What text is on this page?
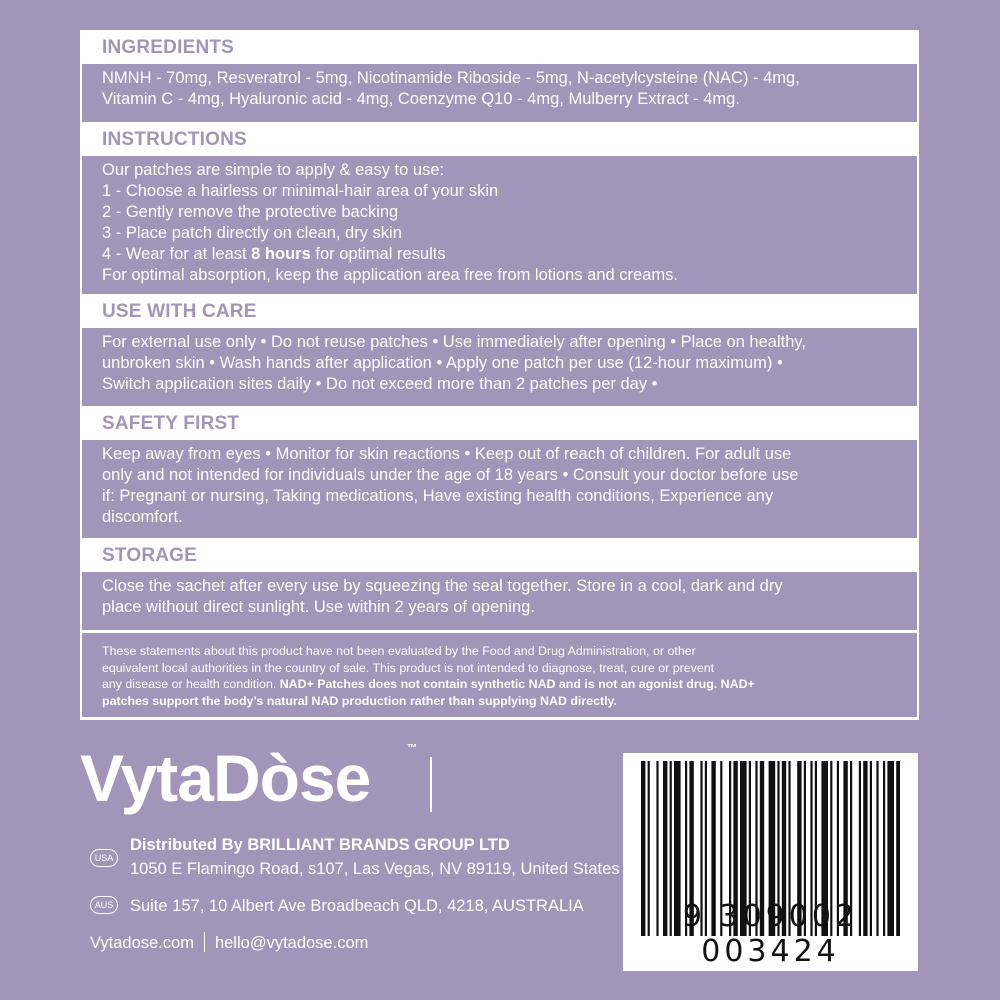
INGREDIENTS
NMNH - 70mg, Resveratrol - 5mg, Nicotinamide Riboside - 5mg, N-acetylcysteine (NAC) - 4mg,
Vitamin C - 4mg, Hyaluronic acid - 4mg, Coenzyme Q10 - 4mg, Mulberry Extract - 4mg.
INSTRUCTIONS
Our patches are simple to apply & easy to use:
1 - Choose a hairless or minimal-hair area of your skin
2 - Gently remove the protective backing
3 - Place patch directly on clean, dry skin
4 - Wear for at least 8 hours for optimal results
For optimal absorption, keep the application area free from lotions and creams.
USE WITH CARE
For external use only • Do not reuse patches • Use immediately after opening • Place on healthy,
unbroken skin • Wash hands after application • Apply one patch per use (12-hour maximum) •
Switch application sites daily • Do not exceed more than 2 patches per day •
SAFETY FIRST
Keep away from eyes • Monitor for skin reactions • Keep out of reach of children. For adult use
only and not intended for individuals under the age of 18 years • Consult your doctor before use
if: Pregnant or nursing, Taking medications, Have existing health conditions, Experience any
discomfort.
STORAGE
Close the sachet after every use by squeezing the seal together. Store in a cool, dark and dry
place without direct sunlight. Use within 2 years of opening.
These statements about this product have not been evaluated by the Food and Drug Administration, or other
equivalent local authorities in the country of sale. This product is not intended to diagnose, treat, cure or prevent
any disease or health condition. NAD+ Patches does not contain synthetic NAD and is not an agonist drug. NAD+
patches support the body’s natural NAD production rather than supplying NAD directly.
VytaDòse	™
USA
Distributed By BRILLIANT BRANDS GROUP LTD
1050 E Flamingo Road, s107, Las Vegas, NV 89119, United States
AUS Suite 157, 10 Albert Ave Broadbeach QLD, 4218, AUSTRALIA
Vytadose.com hello@vytadose.com
9 309002 003424
